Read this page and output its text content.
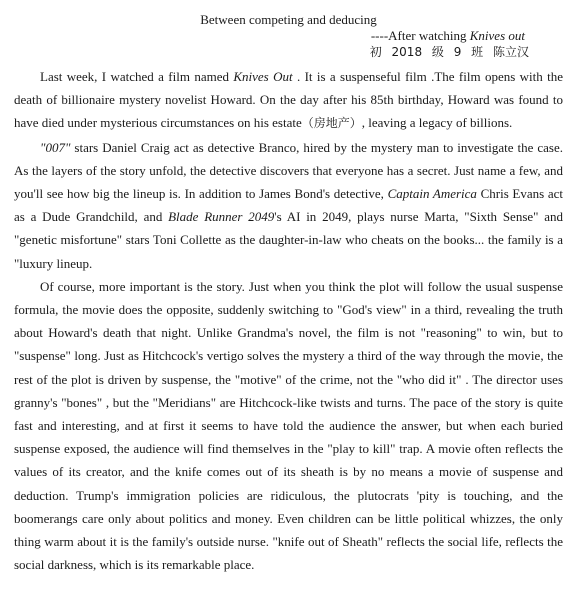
Between competing and deducing
----After watching Knives out
初 2018 级 9 班 陈立汉

Last week, I watched a film named Knives Out . It is a suspenseful film .The film opens with the death of billionaire mystery novelist Howard. On the day after his 85th birthday, Howard was found to have died under mysterious circumstances on his estate（房地产）, leaving a legacy of billions.

"007" stars Daniel Craig act as detective Branco, hired by the mystery man to investigate the case. As the layers of the story unfold, the detective discovers that everyone has a secret. Just name a few, and you'll see how big the lineup is. In addition to James Bond's detective, Captain America Chris Evans act as a Dude Grandchild, and Blade Runner 2049's AI in 2049, plays nurse Marta, "Sixth Sense" and "genetic misfortune" stars Toni Collette as the daughter-in-law who cheats on the books... the family is a "luxury lineup.

Of course, more important is the story. Just when you think the plot will follow the usual suspense formula, the movie does the opposite, suddenly switching to "God's view" in a third, revealing the truth about Howard's death that night. Unlike Grandma's novel, the film is not "reasoning" to win, but to "suspense" long. Just as Hitchcock's vertigo solves the mystery a third of the way through the movie, the rest of the plot is driven by suspense, the "motive" of the crime, not the "who did it" . The director uses granny's "bones" , but the "Meridians" are Hitchcock-like twists and turns. The pace of the story is quite fast and interesting, and at first it seems to have told the audience the answer, but when each buried suspense exposed, the audience will find themselves in the "play to kill" trap. A movie often reflects the values of its creator, and the knife comes out of its sheath is by no means a movie of suspense and deduction. Trump's immigration policies are ridiculous, the plutocrats 'pity is touching, and the boomerangs care only about politics and money. Even children can be little political whizzes, the only thing warm about it is the family's outside nurse. "knife out of Sheath" reflects the social life, reflects the social darkness, which is its remarkable place.
